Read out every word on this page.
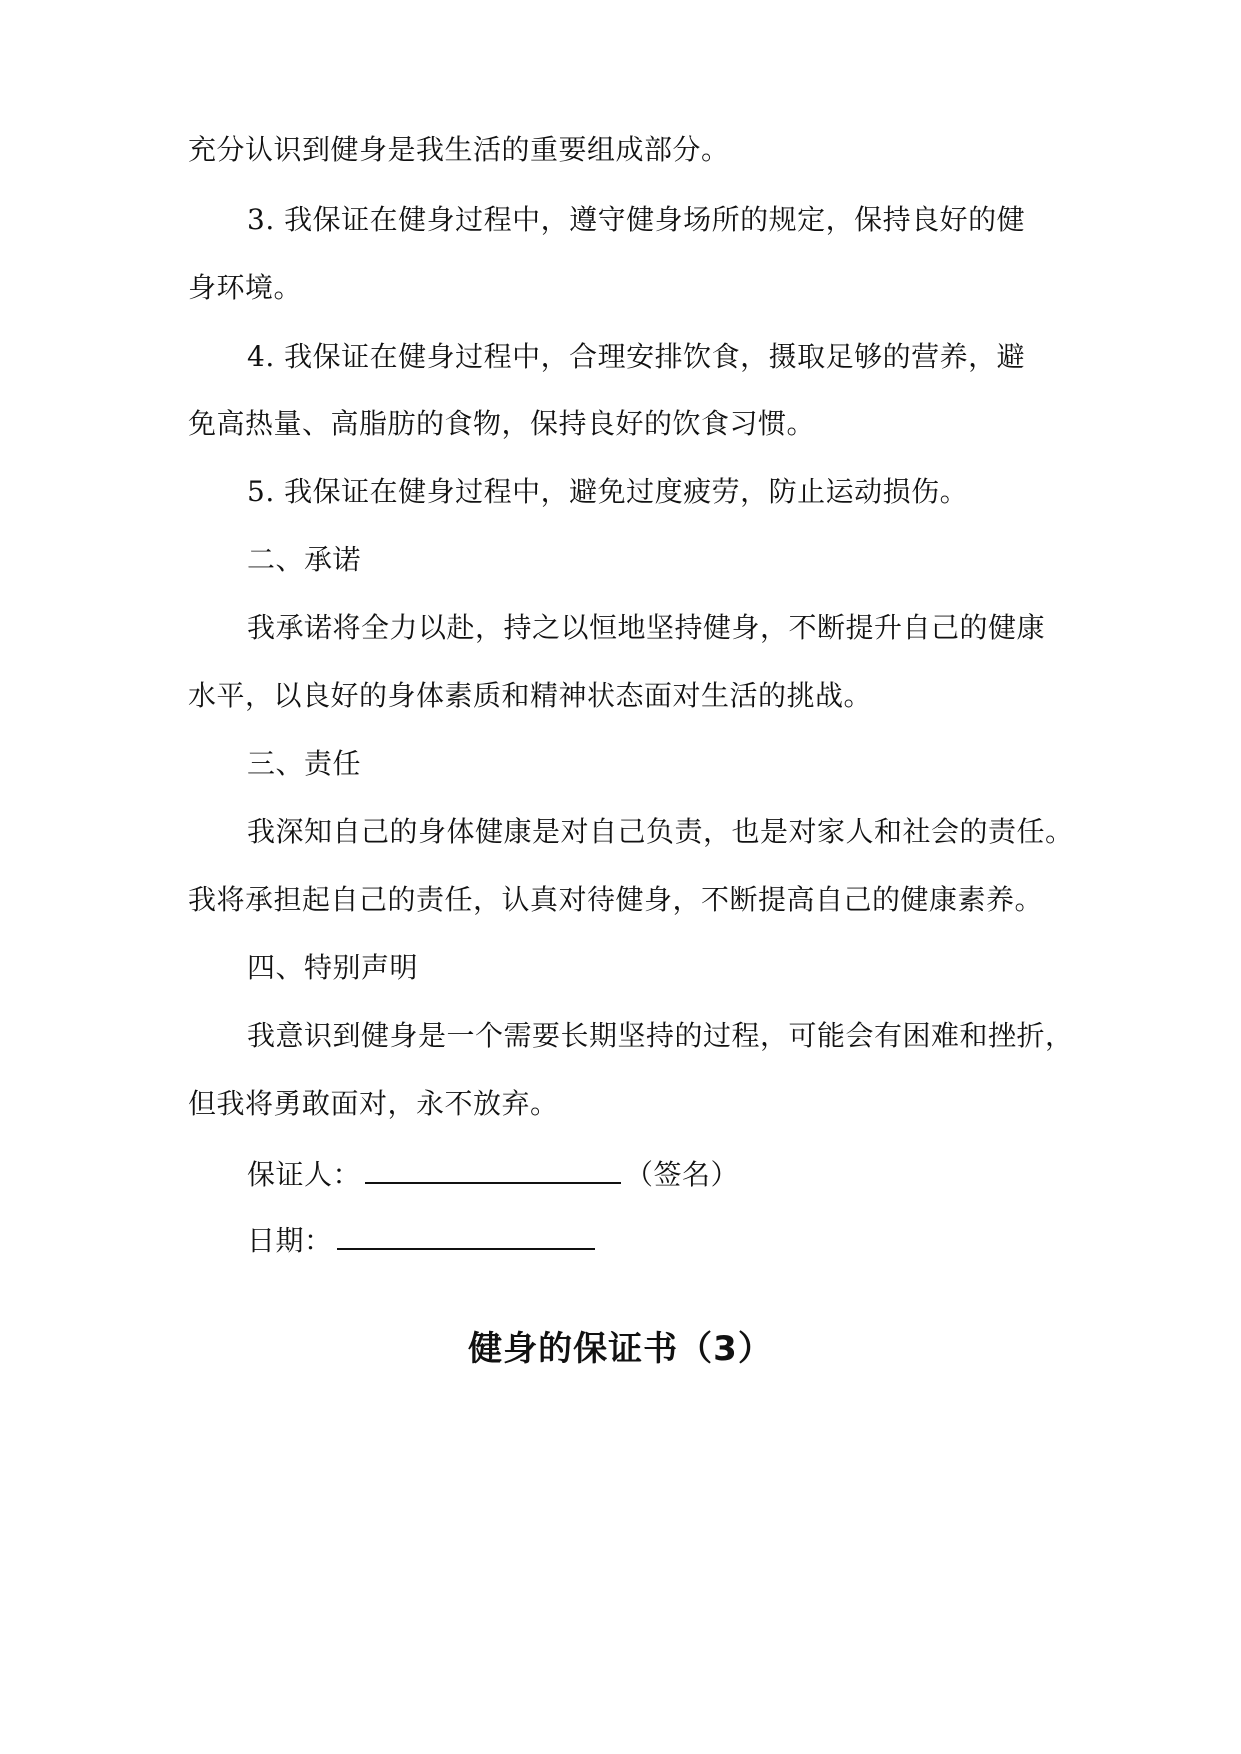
充分认识到健身是我生活的重要组成部分。
3. 我保证在健身过程中，遵守健身场所的规定，保持良好的健
身环境。
4. 我保证在健身过程中，合理安排饮食，摄取足够的营养，避
免高热量、高脂肪的食物，保持良好的饮食习惯。
5. 我保证在健身过程中，避免过度疲劳，防止运动损伤。
二、承诺
我承诺将全力以赴，持之以恒地坚持健身，不断提升自己的健康
水平，以良好的身体素质和精神状态面对生活的挑战。
三、责任
我深知自己的身体健康是对自己负责，也是对家人和社会的责任。
我将承担起自己的责任，认真对待健身，不断提高自己的健康素养。
四、特别声明
我意识到健身是一个需要长期坚持的过程，可能会有困难和挫折，
但我将勇敢面对，永不放弃。
保证人：	（签名）
日期：
健身的保证书（3）
